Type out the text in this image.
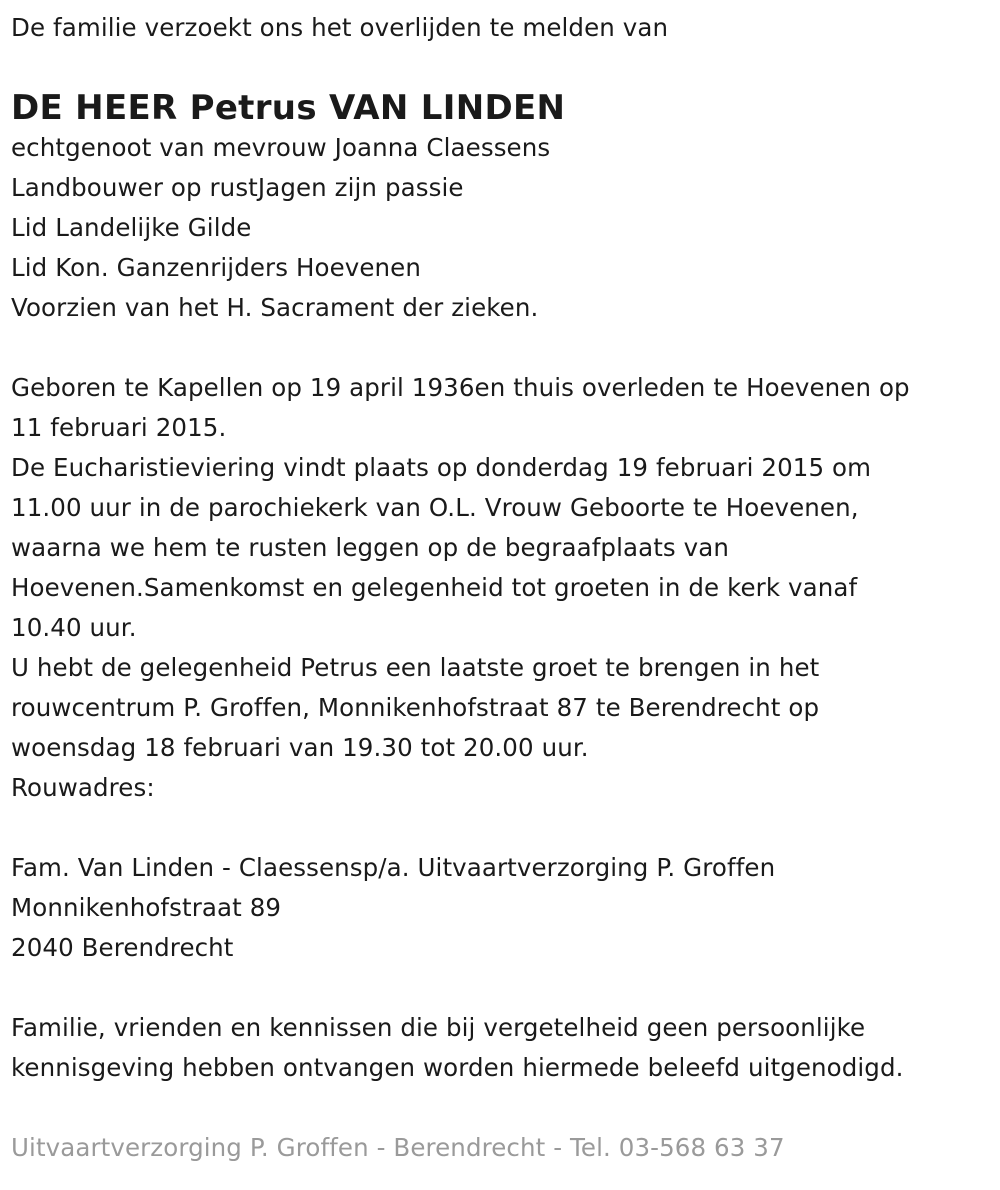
De familie verzoekt ons het overlijden te melden van
DE HEER Petrus VAN LINDEN
echtgenoot van mevrouw Joanna Claessens
Landbouwer op rustJagen zijn passie
Lid Landelijke Gilde
Lid Kon. Ganzenrijders Hoevenen
Voorzien van het H. Sacrament der zieken.
Geboren te Kapellen op 19 april 1936en thuis overleden te Hoevenen op
11 februari 2015.
De Eucharistieviering vindt plaats op donderdag 19 februari 2015 om
11.00 uur in de parochiekerk van O.L. Vrouw Geboorte te Hoevenen,
waarna we hem te rusten leggen op de begraafplaats van
Hoevenen.Samenkomst en gelegenheid tot groeten in de kerk vanaf
10.40 uur.
U hebt de gelegenheid Petrus een laatste groet te brengen in het
rouwcentrum P. Groffen, Monnikenhofstraat 87 te Berendrecht op
woensdag 18 februari van 19.30 tot 20.00 uur.
Rouwadres:
Fam. Van Linden - Claessensp/a. Uitvaartverzorging P. Groffen
Monnikenhofstraat 89
2040 Berendrecht
Familie, vrienden en kennissen die bij vergetelheid geen persoonlijke
kennisgeving hebben ontvangen worden hiermede beleefd uitgenodigd.
Uitvaartverzorging P. Groffen - Berendrecht - Tel. 03-568 63 37
